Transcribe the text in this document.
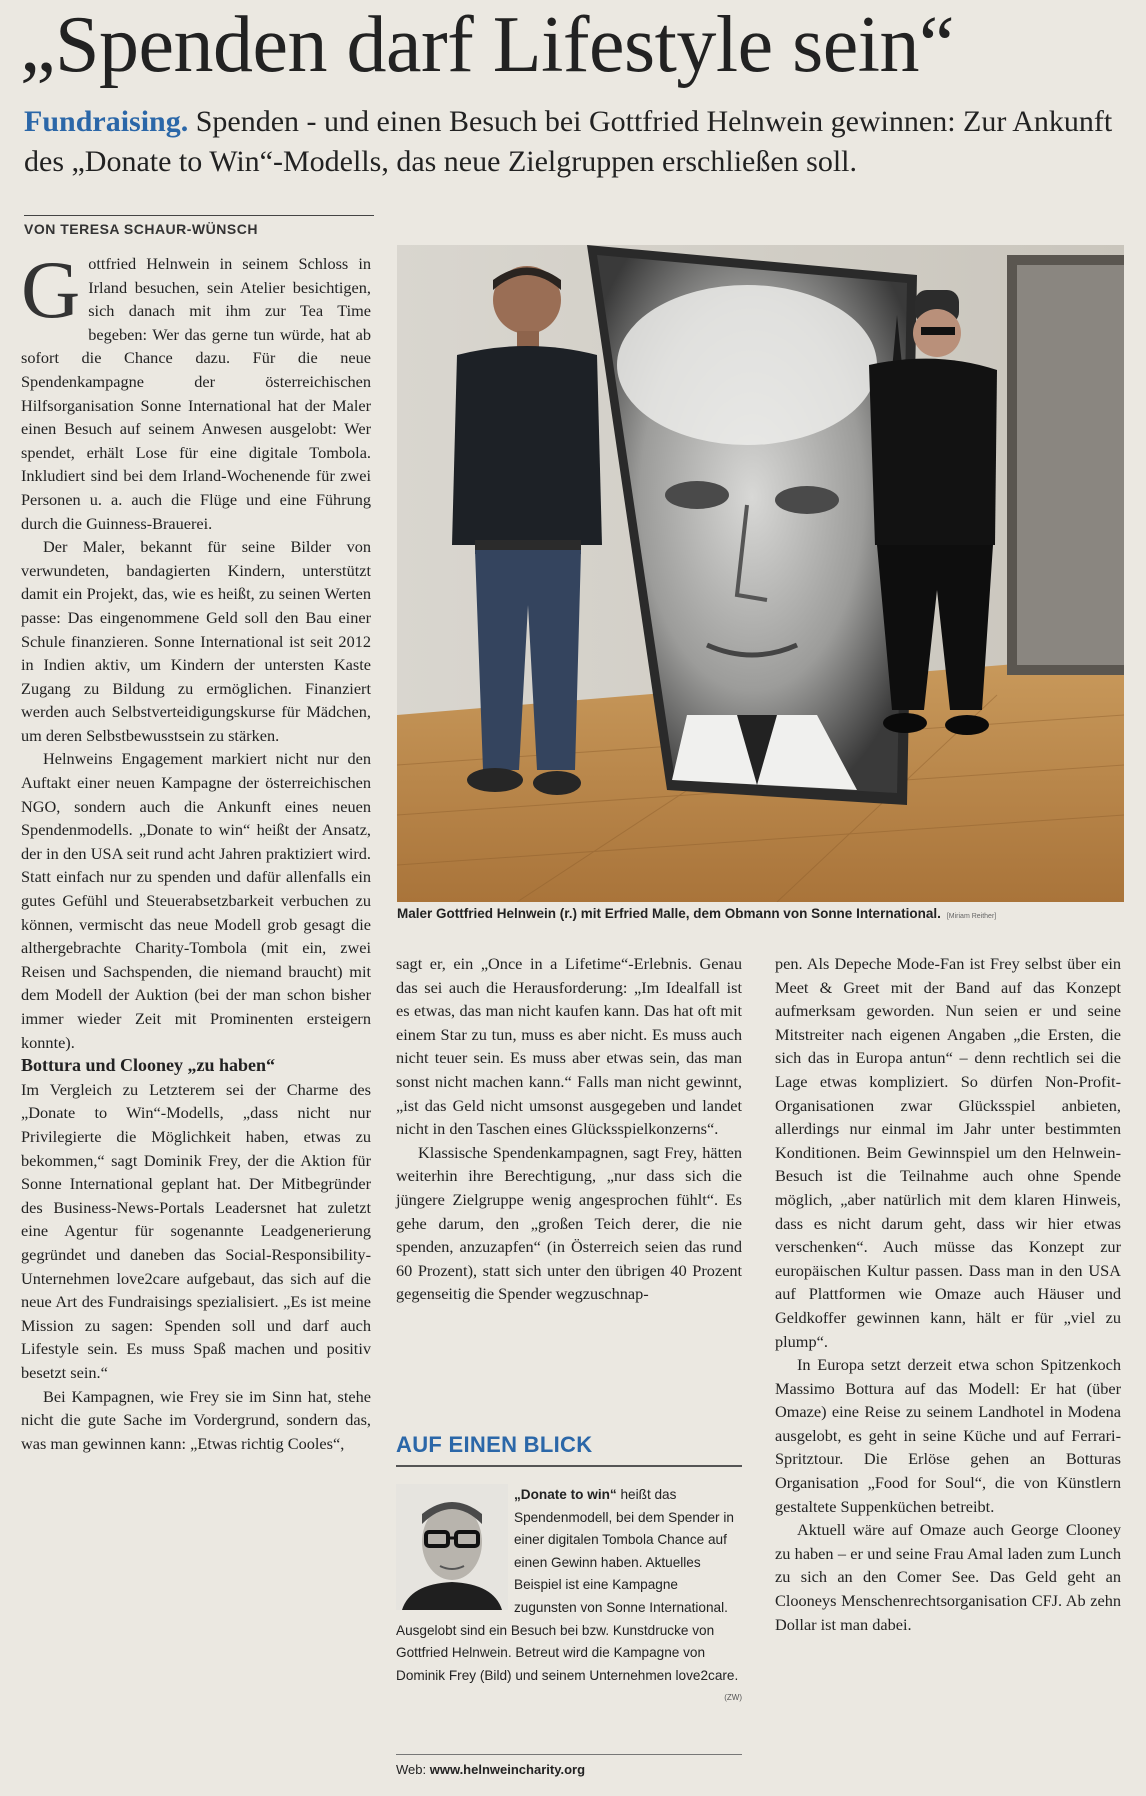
„Spenden darf Lifestyle sein“
Fundraising. Spenden - und einen Besuch bei Gottfried Helnwein gewinnen: Zur Ankunft des „Donate to Win“-Modells, das neue Zielgruppen erschließen soll.
VON TERESA SCHAUR-WÜNSCH

Gottfried Helnwein in seinem Schloss in Irland besuchen, sein Atelier besichtigen, sich danach mit ihm zur Tea Time begeben: Wer das gerne tun würde, hat ab sofort die Chance dazu. Für die neue Spendenkampagne der österreichischen Hilfsorganisation Sonne International hat der Maler einen Besuch auf seinem Anwesen ausgelobt: Wer spendet, erhält Lose für eine digitale Tombola. Inkludiert sind bei dem Irland-Wochenende für zwei Personen u. a. auch die Flüge und eine Führung durch die Guinness-Brauerei.

Der Maler, bekannt für seine Bilder von verwundeten, bandagierten Kindern, unterstützt damit ein Projekt, das, wie es heißt, zu seinen Werten passe: Das eingenommene Geld soll den Bau einer Schule finanzieren. Sonne International ist seit 2012 in Indien aktiv, um Kindern der untersten Kaste Zugang zu Bildung zu ermöglichen. Finanziert werden auch Selbstverteidigungskurse für Mädchen, um deren Selbstbewusstsein zu stärken.

Helnweins Engagement markiert nicht nur den Auftakt einer neuen Kampagne der österreichischen NGO, sondern auch die Ankunft eines neuen Spendenmodells. „Donate to win“ heißt der Ansatz, der in den USA seit rund acht Jahren praktiziert wird. Statt einfach nur zu spenden und dafür allenfalls ein gutes Gefühl und Steuerabsetzbarkeit verbuchen zu können, vermischt das neue Modell grob gesagt die althergebrachte Charity-Tombola (mit ein, zwei Reisen und Sachspenden, die niemand braucht) mit dem Modell der Auktion (bei der man schon bisher immer wieder Zeit mit Prominenten ersteigern konnte).

Bottura und Clooney „zu haben“

Im Vergleich zu Letzterem sei der Charme des „Donate to Win“-Modells, „dass nicht nur Privilegierte die Möglichkeit haben, etwas zu bekommen,“ sagt Dominik Frey, der die Aktion für Sonne International geplant hat. Der Mitbegründer des Business-News-Portals Leadersnet hat zuletzt eine Agentur für sogenannte Leadgenerierung gegründet und daneben das Social-Responsibility-Unternehmen love2care aufgebaut, das sich auf die neue Art des Fundraisings spezialisiert. „Es ist meine Mission zu sagen: Spenden soll und darf auch Lifestyle sein. Es muss Spaß machen und positiv besetzt sein.“

Bei Kampagnen, wie Frey sie im Sinn hat, stehe nicht die gute Sache im Vordergrund, sondern das, was man gewinnen kann: „Etwas richtig Cooles“,

Maler Gottfried Helnwein (r.) mit Erfried Malle, dem Obmann von Sonne International. [Miriam Reither]

sagt er, ein „Once in a Lifetime“-Erlebnis. Genau das sei auch die Herausforderung: „Im Idealfall ist es etwas, das man nicht kaufen kann. Das hat oft mit einem Star zu tun, muss es aber nicht. Es muss auch nicht teuer sein. Es muss aber etwas sein, das man sonst nicht machen kann.“ Falls man nicht gewinnt, „ist das Geld nicht umsonst ausgegeben und landet nicht in den Taschen eines Glücksspielkonzerns“.

Klassische Spendenkampagnen, sagt Frey, hätten weiterhin ihre Berechtigung, „nur dass sich die jüngere Zielgruppe wenig angesprochen fühlt“. Es gehe darum, den „großen Teich derer, die nie spenden, anzuzapfen“ (in Österreich seien das rund 60 Prozent), statt sich unter den übrigen 40 Prozent gegenseitig die Spender wegzuschnap-

AUF EINEN BLICK
„Donate to win“ heißt das Spendenmodell, bei dem Spender in einer digitalen Tombola Chance auf einen Gewinn haben. Aktuelles Beispiel ist eine Kampagne zugunsten von Sonne International. Ausgelobt sind ein Besuch bei bzw. Kunstdrucke von Gottfried Helnwein. Betreut wird die Kampagne von Dominik Frey (Bild) und seinem Unternehmen love2care.
(ZW)
Web: www.helnweincharity.org

pen. Als Depeche Mode-Fan ist Frey selbst über ein Meet & Greet mit der Band auf das Konzept aufmerksam geworden. Nun seien er und seine Mitstreiter nach eigenen Angaben „die Ersten, die sich das in Europa antun“ – denn rechtlich sei die Lage etwas kompliziert. So dürfen Non-Profit-Organisationen zwar Glücksspiel anbieten, allerdings nur einmal im Jahr unter bestimmten Konditionen. Beim Gewinnspiel um den Helnwein-Besuch ist die Teilnahme auch ohne Spende möglich, „aber natürlich mit dem klaren Hinweis, dass es nicht darum geht, dass wir hier etwas verschenken“. Auch müsse das Konzept zur europäischen Kultur passen. Dass man in den USA auf Plattformen wie Omaze auch Häuser und Geldkoffer gewinnen kann, hält er für „viel zu plump“.

In Europa setzt derzeit etwa schon Spitzenkoch Massimo Bottura auf das Modell: Er hat (über Omaze) eine Reise zu seinem Landhotel in Modena ausgelobt, es geht in seine Küche und auf Ferrari-Spritztour. Die Erlöse gehen an Botturas Organisation „Food for Soul“, die von Künstlern gestaltete Suppenküchen betreibt.

Aktuell wäre auf Omaze auch George Clooney zu haben – er und seine Frau Amal laden zum Lunch zu sich an den Comer See. Das Geld geht an Clooneys Menschenrechtsorganisation CFJ. Ab zehn Dollar ist man dabei.
